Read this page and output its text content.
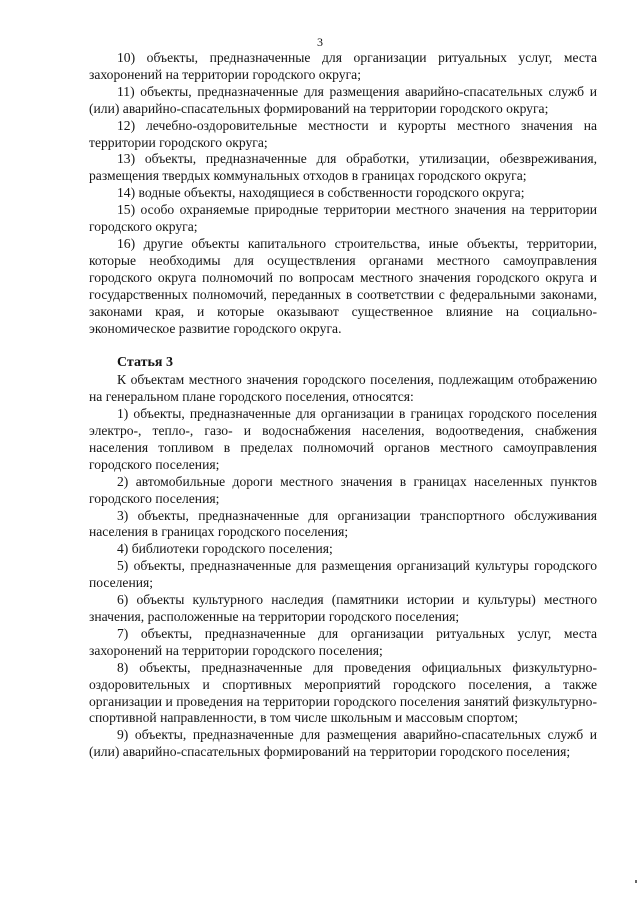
3

10) объекты, предназначенные для организации ритуальных услуг, места захоронений на территории городского округа;

11) объекты, предназначенные для размещения аварийно-спасательных служб и (или) аварийно-спасательных формирований на территории городского округа;

12) лечебно-оздоровительные местности и курорты местного значения на территории городского округа;

13) объекты, предназначенные для обработки, утилизации, обезвреживания, размещения твердых коммунальных отходов в границах городского округа;

14) водные объекты, находящиеся в собственности городского округа;

15) особо охраняемые природные территории местного значения на территории городского округа;

16) другие объекты капитального строительства, иные объекты, территории, которые необходимы для осуществления органами местного самоуправления городского округа полномочий по вопросам местного значения городского округа и государственных полномочий, переданных в соответствии с федеральными законами, законами края, и которые оказывают существенное влияние на социально-экономическое развитие городского округа.

Статья 3

К объектам местного значения городского поселения, подлежащим отображению на генеральном плане городского поселения, относятся:

1) объекты, предназначенные для организации в границах городского поселения электро-, тепло-, газо- и водоснабжения населения, водоотведения, снабжения населения топливом в пределах полномочий органов местного самоуправления городского поселения;

2) автомобильные дороги местного значения в границах населенных пунктов городского поселения;

3) объекты, предназначенные для организации транспортного обслуживания населения в границах городского поселения;

4) библиотеки городского поселения;

5) объекты, предназначенные для размещения организаций культуры городского поселения;

6) объекты культурного наследия (памятники истории и культуры) местного значения, расположенные на территории городского поселения;

7) объекты, предназначенные для организации ритуальных услуг, места захоронений на территории городского поселения;

8) объекты, предназначенные для проведения официальных физкультурно-оздоровительных и спортивных мероприятий городского поселения, а также организации и проведения на территории городского поселения занятий физкультурно-спортивной направленности, в том числе школьным и массовым спортом;

9) объекты, предназначенные для размещения аварийно-спасательных служб и (или) аварийно-спасательных формирований на территории городского поселения;
